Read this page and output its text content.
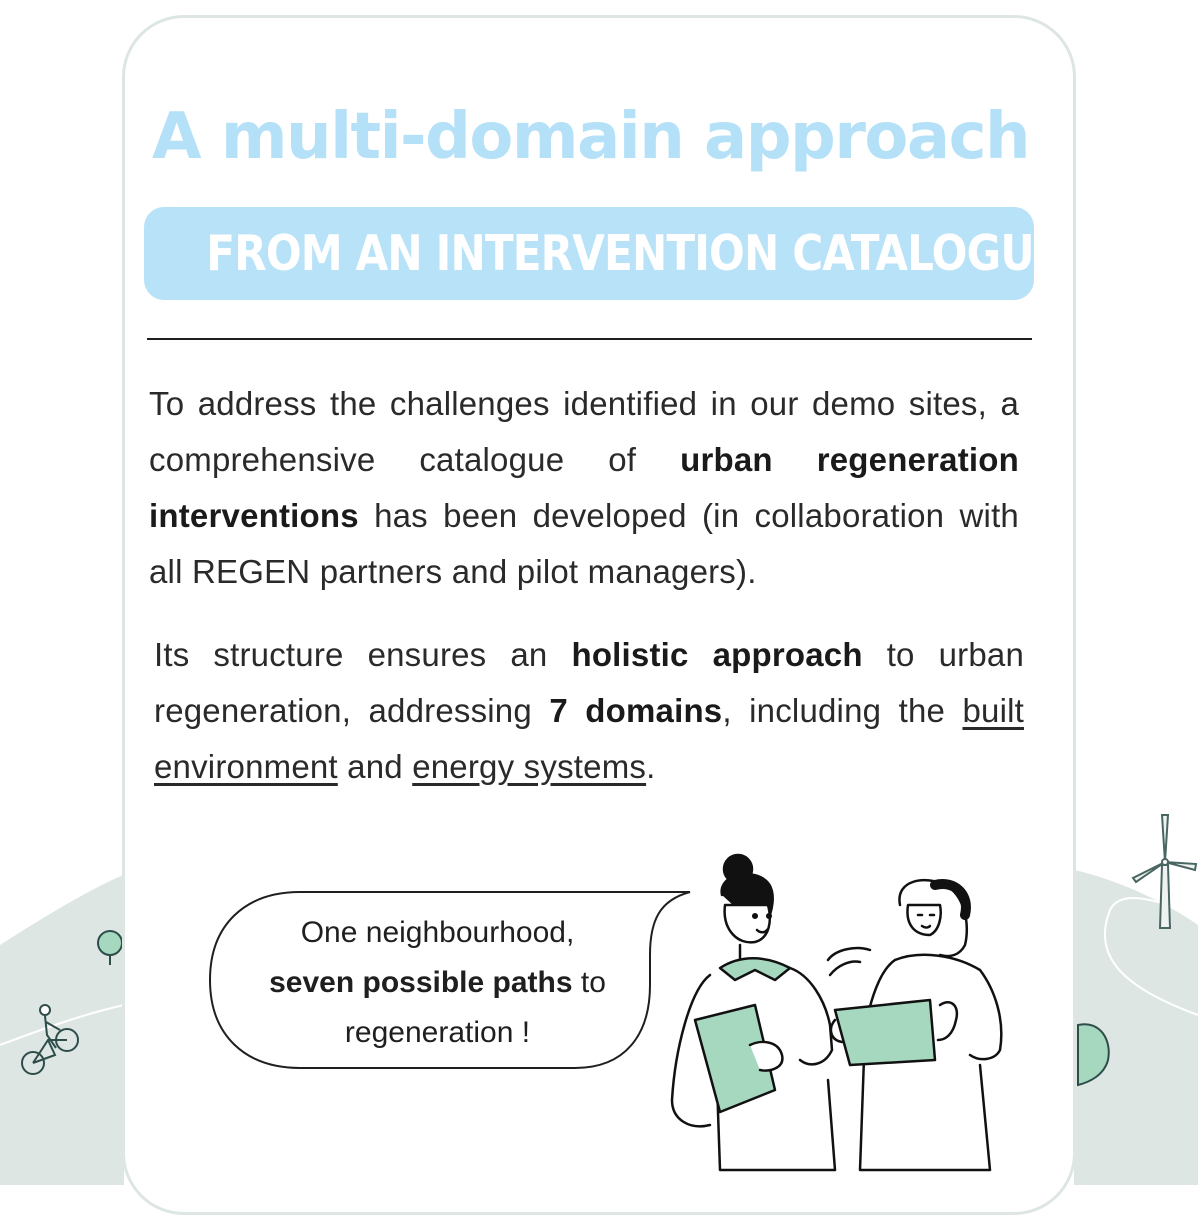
A multi-domain approach
FROM AN INTERVENTION CATALOGUE

To address the challenges identified in our demo sites, a comprehensive catalogue of urban regeneration interventions has been developed (in collaboration with all REGEN partners and pilot managers).

Its structure ensures an holistic approach to urban regeneration, addressing 7 domains, including the built environment and energy systems.

One neighbourhood,
seven possible paths to
regeneration !
